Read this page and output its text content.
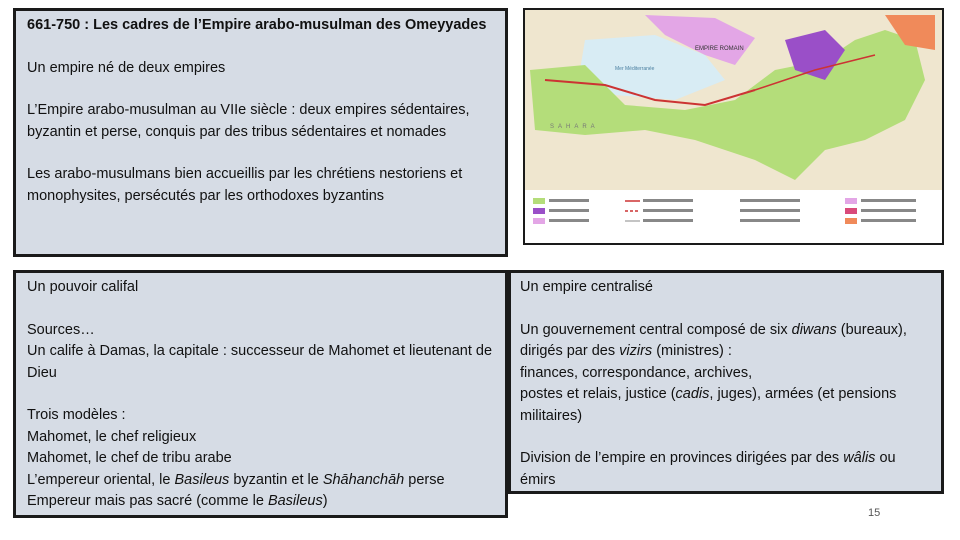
661-750 : Les cadres de l’Empire arabo-musulman des Omeyyades

Un empire né de deux empires

L’Empire arabo-musulman au VIIe siècle : deux empires sédentaires, byzantin et perse, conquis par des tribus sédentaires et nomades

Les arabo-musulmans bien accueillis par les chrétiens nestoriens et monophysites, persécutés par les orthodoxes byzantins

SAHARA
EMPIRE ROMAIN
Mer Méditerranée

Un pouvoir califal

Sources…

Un calife à Damas, la capitale : successeur de Mahomet et lieutenant de Dieu

Trois modèles :

Mahomet, le chef religieux

Mahomet, le chef de tribu arabe

L’empereur oriental, le Basileus byzantin et le Shāhanchāh perse

Empereur mais pas sacré (comme le Basileus)

Un empire centralisé

Un gouvernement central composé de six diwans (bureaux), dirigés par des vizirs (ministres) :
finances, correspondance, archives,
postes et relais, justice (cadis, juges), armées (et pensions militaires)

Division de l’empire en provinces dirigées par des wâlis ou émirs

15
